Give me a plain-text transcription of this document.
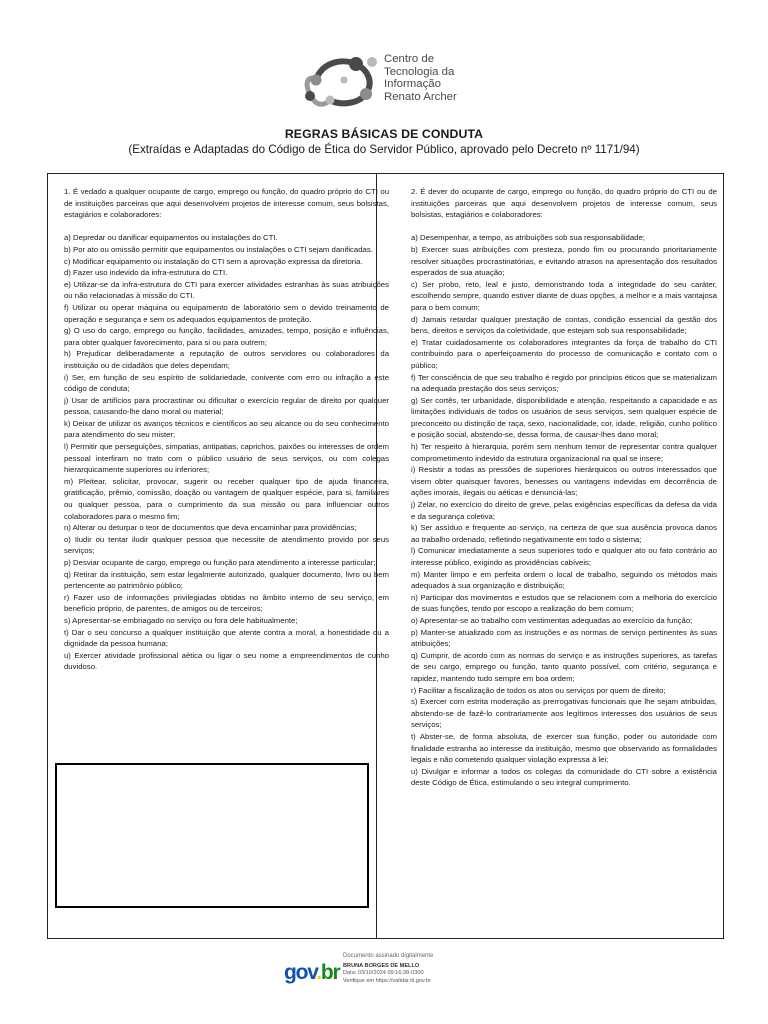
Centro de
Tecnologia da
Informação
Renato Archer
REGRAS BÁSICAS DE CONDUTA
(Extraídas e Adaptadas do Código de Ética do Servidor Público, aprovado pelo Decreto nº 1171/94)

1. É vedado a qualquer ocupante de cargo, emprego ou função, do quadro próprio do CTI ou de instituições parceiras que aqui desenvolvem projetos de interesse comum, seus bolsistas, estagiários e colaboradores:

a) Depredar ou danificar equipamentos ou instalações do CTI.

b) Por ato ou omissão permitir que equipamentos ou instalações o CTI sejam danificadas.

c) Modificar equipamento ou instalação do CTI sem a aprovação expressa da diretoria.

d) Fazer uso indevido da infra-estrutura do CTI.

e) Utilizar-se da infra-estrutura do CTI para exercer atividades estranhas às suas atribuições ou não relacionadas à missão do CTI.

f) Utilizar ou operar máquina ou equipamento de laboratório sem o devido treinamento de operação e segurança e sem os adequados equipamentos de proteção.

g) O uso do cargo, emprego ou função, facilidades, amizades, tempo, posição e influências, para obter qualquer favorecimento, para si ou para outrem;

h) Prejudicar deliberadamente a reputação de outros servidores ou colaboradores da instituição ou de cidadãos que deles dependam;

i) Ser, em função de seu espírito de solidariedade, conivente com erro ou infração a este código de conduta;

j) Usar de artifícios para procrastinar ou dificultar o exercício regular de direito por qualquer pessoa, causando-lhe dano moral ou material;

k) Deixar de utilizar os avanços técnicos e científicos ao seu alcance ou do seu conhecimento para atendimento do seu mister;

l) Permitir que perseguições, simpatias, antipatias, caprichos, paixões ou interesses de ordem pessoal interfiram no trato com o público usuário de seus serviços, ou com colegas hierarquicamente superiores ou inferiores;

m) Pleitear, solicitar, provocar, sugerir ou receber qualquer tipo de ajuda financeira, gratificação, prêmio, comissão, doação ou vantagem de qualquer espécie, para si, familiares ou qualquer pessoa, para o cumprimento da sua missão ou para influenciar outros colaboradores para o mesmo fim;

n) Alterar ou deturpar o teor de documentos que deva encaminhar para providências;

o) Iludir ou tentar iludir qualquer pessoa que necessite de atendimento provido por seus serviços;

p) Desviar ocupante de cargo, emprego ou função para atendimento a interesse particular;

q) Retirar da instituição, sem estar legalmente autorizado, qualquer documento, livro ou bem pertencente ao patrimônio público;

r) Fazer uso de informações privilegiadas obtidas no âmbito interno de seu serviço, em benefício próprio, de parentes, de amigos ou de terceiros;

s) Apresentar-se embriagado no serviço ou fora dele habitualmente;

t) Dar o seu concurso a qualquer instituição que atente contra a moral, a honestidade ou a dignidade da pessoa humana;

u) Exercer atividade profissional aética ou ligar o seu nome a empreendimentos de cunho duvidoso.

2. É dever do ocupante de cargo, emprego ou função, do quadro próprio do CTI ou de instituições parceiras que aqui desenvolvem projetos de interesse comum, seus bolsistas, estagiários e colaboradores:

a) Desempenhar, a tempo, as atribuições sob sua responsabilidade;

b) Exercer suas atribuições com presteza, pondo fim ou procurando prioritariamente resolver situações procrastinatórias, e evitando atrasos na apresentação dos resultados esperados de sua atuação;

c) Ser probo, reto, leal e justo, demonstrando toda a integridade do seu caráter, escolhendo sempre, quando estiver diante de duas opções, a melhor e a mais vantajosa para o bem comum;

d) Jamais retardar qualquer prestação de contas, condição essencial da gestão dos bens, direitos e serviços da coletividade, que estejam sob sua responsabilidade;

e) Tratar cuidadosamente os colaboradores integrantes da força de trabalho do CTI contribuindo para o aperfeiçoamento do processo de comunicação e contato com o público;

f) Ter consciência de que seu trabalho é regido por princípios éticos que se materializam na adequada prestação dos seus serviços;

g) Ser cortês, ter urbanidade, disponibilidade e atenção, respeitando a capacidade e as limitações individuais de todos os usuários de seus serviços, sem qualquer espécie de preconceito ou distinção de raça, sexo, nacionalidade, cor, idade, religião, cunho político e posição social, abstendo-se, dessa forma, de causar-lhes dano moral;

h) Ter respeito à hierarquia, porém sem nenhum temor de representar contra qualquer comprometimento indevido da estrutura organizacional na qual se insere;

i) Resistir a todas as pressões de superiores hierárquicos ou outros interessados que visem obter quaisquer favores, benesses ou vantagens indevidas em decorrência de ações imorais, ilegais ou aéticas e denunciá-las;

j) Zelar, no exercício do direito de greve, pelas exigências específicas da defesa da vida e da segurança coletiva;

k) Ser assíduo e frequente ao serviço, na certeza de que sua ausência provoca danos ao trabalho ordenado, refletindo negativamente em todo o sistema;

l) Comunicar imediatamente a seus superiores todo e qualquer ato ou fato contrário ao interesse público, exigindo as providências cabíveis;

m) Manter limpo e em perfeita ordem o local de trabalho, seguindo os métodos mais adequados à sua organização e distribuição;

n) Participar dos movimentos e estudos que se relacionem com a melhoria do exercício de suas funções, tendo por escopo a realização do bem comum;

o) Apresentar-se ao trabalho com vestimentas adequadas ao exercício da função;

p) Manter-se atualizado com as instruções e as normas de serviço pertinentes às suas atribuições;

q) Cumprir, de acordo com as normas do serviço e as instruções superiores, as tarefas de seu cargo, emprego ou função, tanto quanto possível, com critério, segurança e rapidez, mantendo tudo sempre em boa ordem;

r) Facilitar a fiscalização de todos os atos ou serviços por quem de direito;

s) Exercer com estrita moderação as prerrogativas funcionais que lhe sejam atribuídas, abstendo-se de fazê-lo contrariamente aos legítimos interesses dos usuários de seus serviços;

t) Abster-se, de forma absoluta, de exercer sua função, poder ou autoridade com finalidade estranha ao interesse da instituição, mesmo que observando as formalidades legais e não cometendo qualquer violação expressa à lei;

u) Divulgar e informar a todos os colegas da comunidade do CTI sobre a existência deste Código de Ética, estimulando o seu integral cumprimento.

gov.br
Documento assinado digitalmente
BRUNA BORGES DE MELLO
Data: 03/10/2024 09:16:38-0300
Verifique em https://validar.iti.gov.br
